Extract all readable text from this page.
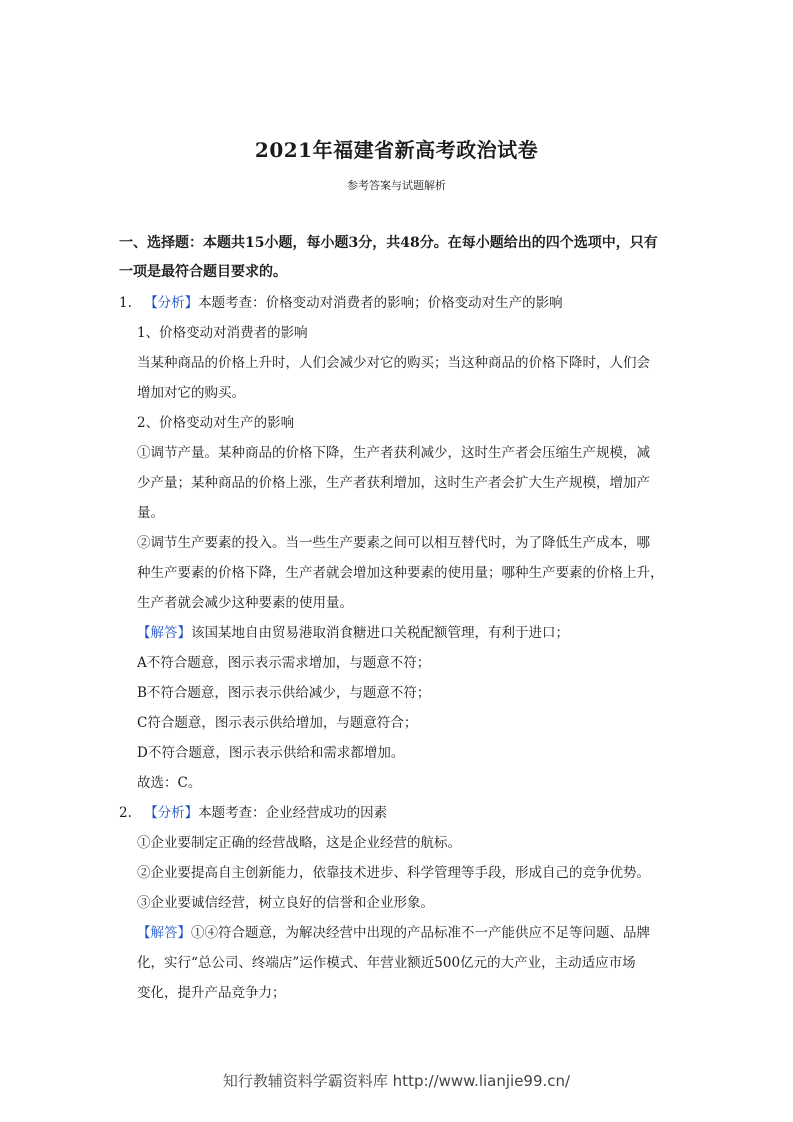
2021年福建省新高考政治试卷
参考答案与试题解析
一、选择题：本题共15小题，每小题3分，共48分。在每小题给出的四个选项中，只有
一项是最符合题目要求的。
1. 【分析】本题考查：价格变动对消费者的影响；价格变动对生产的影响
1、价格变动对消费者的影响
当某种商品的价格上升时，人们会减少对它的购买；当这种商品的价格下降时，人们会
增加对它的购买。
2、价格变动对生产的影响
①调节产量。某种商品的价格下降，生产者获利减少，这时生产者会压缩生产规模，减
少产量；某种商品的价格上涨，生产者获利增加，这时生产者会扩大生产规模，增加产
量。
②调节生产要素的投入。当一些生产要素之间可以相互替代时，为了降低生产成本，哪
种生产要素的价格下降，生产者就会增加这种要素的使用量；哪种生产要素的价格上升，
生产者就会减少这种要素的使用量。
【解答】该国某地自由贸易港取消食糖进口关税配额管理，有利于进口；
A不符合题意，图示表示需求增加，与题意不符；
B不符合题意，图示表示供给减少，与题意不符；
C符合题意，图示表示供给增加，与题意符合；
D不符合题意，图示表示供给和需求都增加。
故选：C。
2. 【分析】本题考查：企业经营成功的因素
①企业要制定正确的经营战略，这是企业经营的航标。
②企业要提高自主创新能力，依靠技术进步、科学管理等手段，形成自己的竞争优势。
③企业要诚信经营，树立良好的信誉和企业形象。
【解答】①④符合题意，为解决经营中出现的产品标准不一产能供应不足等问题、品牌
化，实行“总公司、终端店”运作模式、年营业额近500亿元的大产业，主动适应市场
变化，提升产品竞争力；
知行教辅资料学霸资料库 http://www.lianjie99.cn/
